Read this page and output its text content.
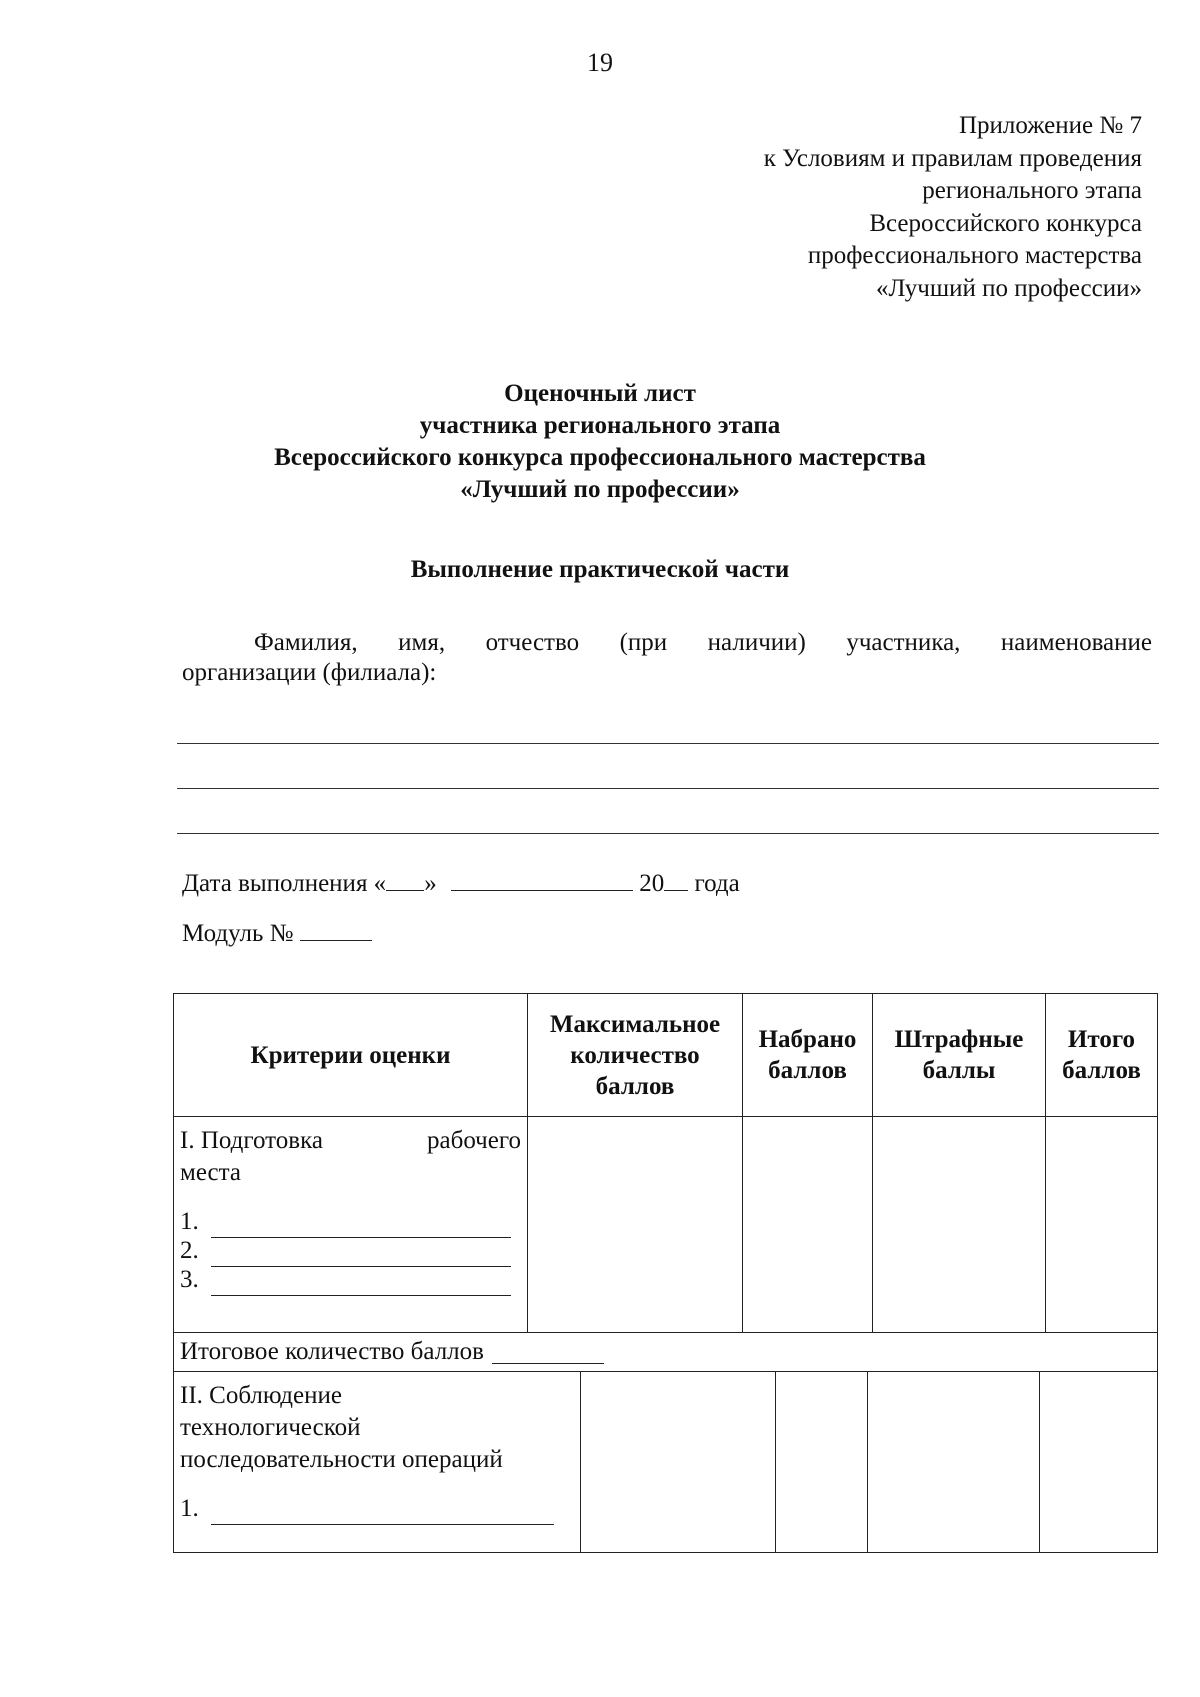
19
Приложение № 7
к Условиям и правилам проведения
регионального этапа
Всероссийского конкурса
профессионального мастерства
«Лучший по профессии»
Оценочный лист
участника регионального этапа
Всероссийского конкурса профессионального мастерства
«Лучший по профессии»
Выполнение практической части
Фамилия, имя, отчество (при наличии) участника, наименование
организации (филиала):
Дата выполнения « »	20 года
Модуль №
Критерии оценки
Максимальное количество баллов
Набрано баллов
Штрафные баллы
Итого баллов
I. Подготовка	рабочего
места
1.
2.
3.
Итоговое количество баллов
II. Соблюдение
технологической
последовательности операций
1.
